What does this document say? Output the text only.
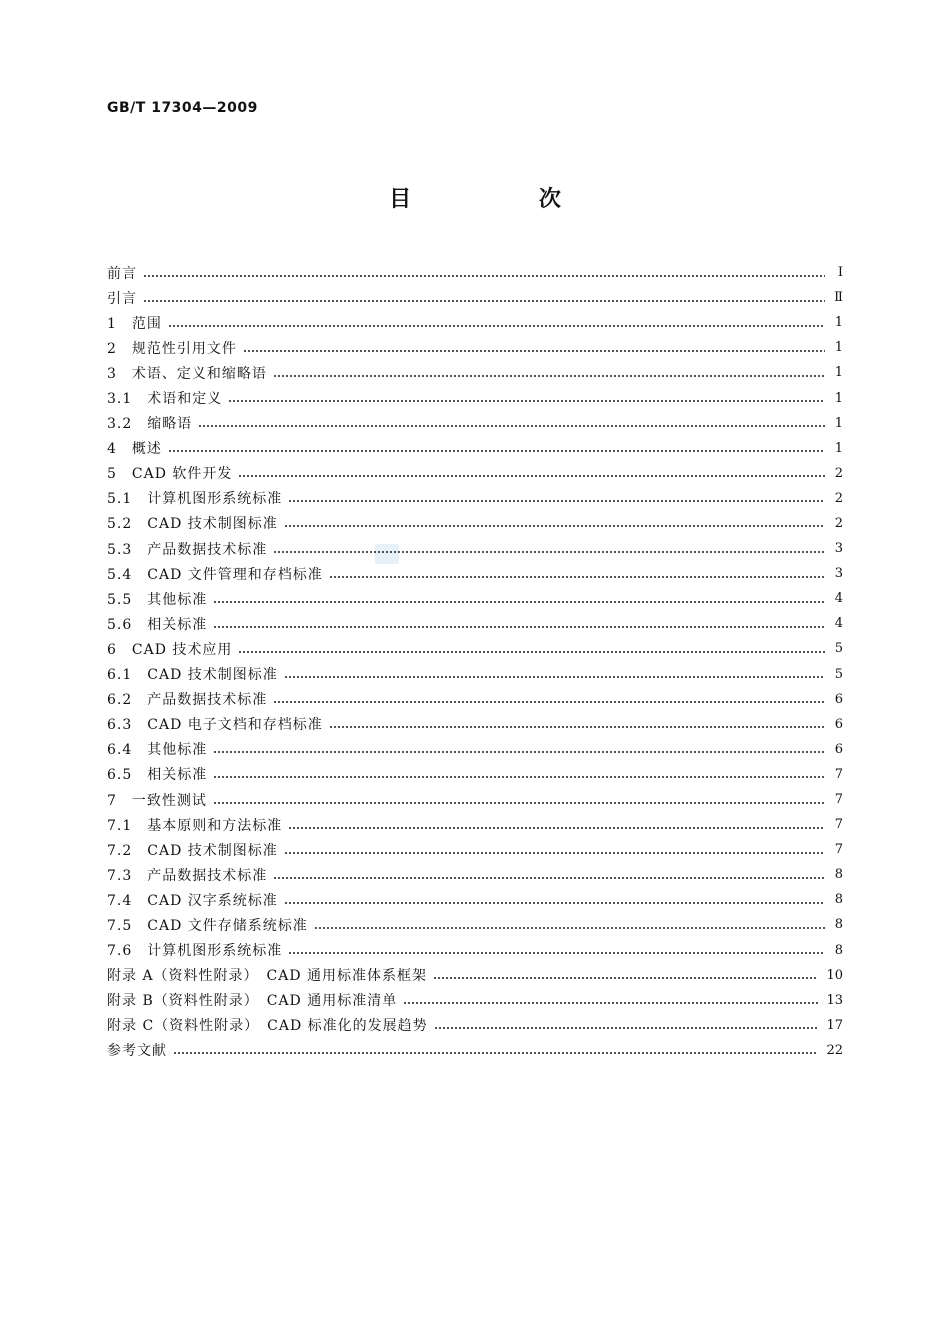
GB/T 17304—2009
目 次
前言	Ⅰ
引言	Ⅱ
1　范围	1
2　规范性引用文件	1
3　术语、定义和缩略语	1
3.1　术语和定义	1
3.2　缩略语	1
4　概述	1
5　CAD 软件开发	2
5.1　计算机图形系统标准	2
5.2　CAD 技术制图标准	2
5.3　产品数据技术标准	3
5.4　CAD 文件管理和存档标准	3
5.5　其他标准	4
5.6　相关标准	4
6　CAD 技术应用	5
6.1　CAD 技术制图标准	5
6.2　产品数据技术标准	6
6.3　CAD 电子文档和存档标准	6
6.4　其他标准	6
6.5　相关标准	7
7　一致性测试	7
7.1　基本原则和方法标准	7
7.2　CAD 技术制图标准	7
7.3　产品数据技术标准	8
7.4　CAD 汉字系统标准	8
7.5　CAD 文件存储系统标准	8
7.6　计算机图形系统标准	8
附录 A（资料性附录）　CAD 通用标准体系框架	10
附录 B（资料性附录）　CAD 通用标准清单	13
附录 C（资料性附录）　CAD 标准化的发展趋势	17
参考文献	22
